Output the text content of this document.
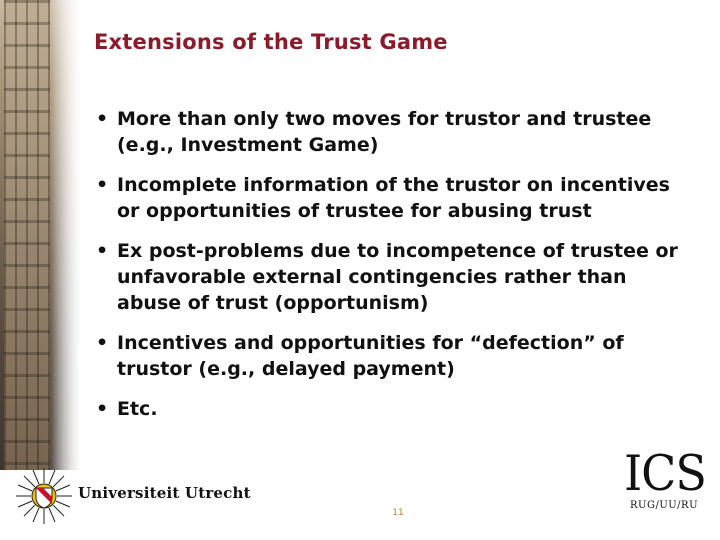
Extensions of the Trust Game
• More than only two moves for trustor and trustee (e.g., Investment Game)
• Incomplete information of the trustor on incentives or opportunities of trustee for abusing trust
• Ex post-problems due to incompetence of trustee or unfavorable external contingencies rather than abuse of trust (opportunism)
• Incentives and opportunities for “defection” of trustor (e.g., delayed payment)
• Etc.
Universiteit Utrecht
11
ICS
RUG/UU/RU
